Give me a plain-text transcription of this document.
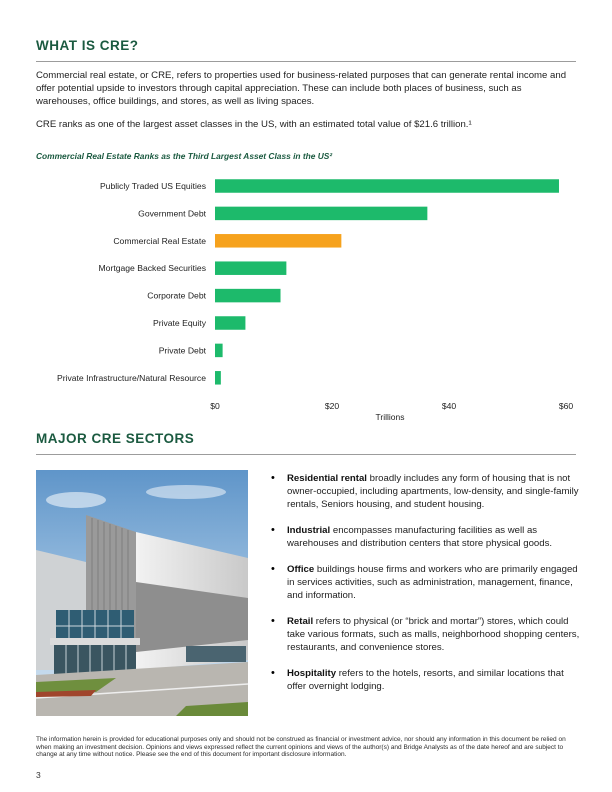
WHAT IS CRE?

Commercial real estate, or CRE, refers to properties used for business-related purposes that can generate rental income and offer potential upside to investors through capital appreciation. These can include both places of business, such as warehouses, office buildings, and stores, as well as living spaces.

CRE ranks as one of the largest asset classes in the US, with an estimated total value of $21.6 trillion.¹

Commercial Real Estate Ranks as the Third Largest Asset Class in the US²
Publicly Traded US Equities
Government Debt
Commercial Real Estate
Mortgage Backed Securities
Corporate Debt
Private Equity
Private Debt
Private Infrastructure/Natural Resource
$0	$20	$40	$60
Trillions
MAJOR CRE SECTORS
• Residential rental broadly includes any form of housing that is not owner-occupied, including apartments, low-density, and single-family rentals, Seniors housing, and student housing.
• Industrial encompasses manufacturing facilities as well as warehouses and distribution centers that store physical goods.
• Office buildings house firms and workers who are primarily engaged in services activities, such as administration, management, finance, and information.
• Retail refers to physical (or “brick and mortar”) stores, which could take various formats, such as malls, neighborhood shopping centers, restaurants, and convenience stores.
• Hospitality refers to the hotels, resorts, and similar locations that offer overnight lodging.

The information herein is provided for educational purposes only and should not be construed as financial or investment advice, nor should any information in this document be relied on when making an investment decision. Opinions and views expressed reflect the current opinions and views of the author(s) and Bridge Analysts as of the date hereof and are subject to change at any time without notice. Please see the end of this document for important disclosure information.

3
